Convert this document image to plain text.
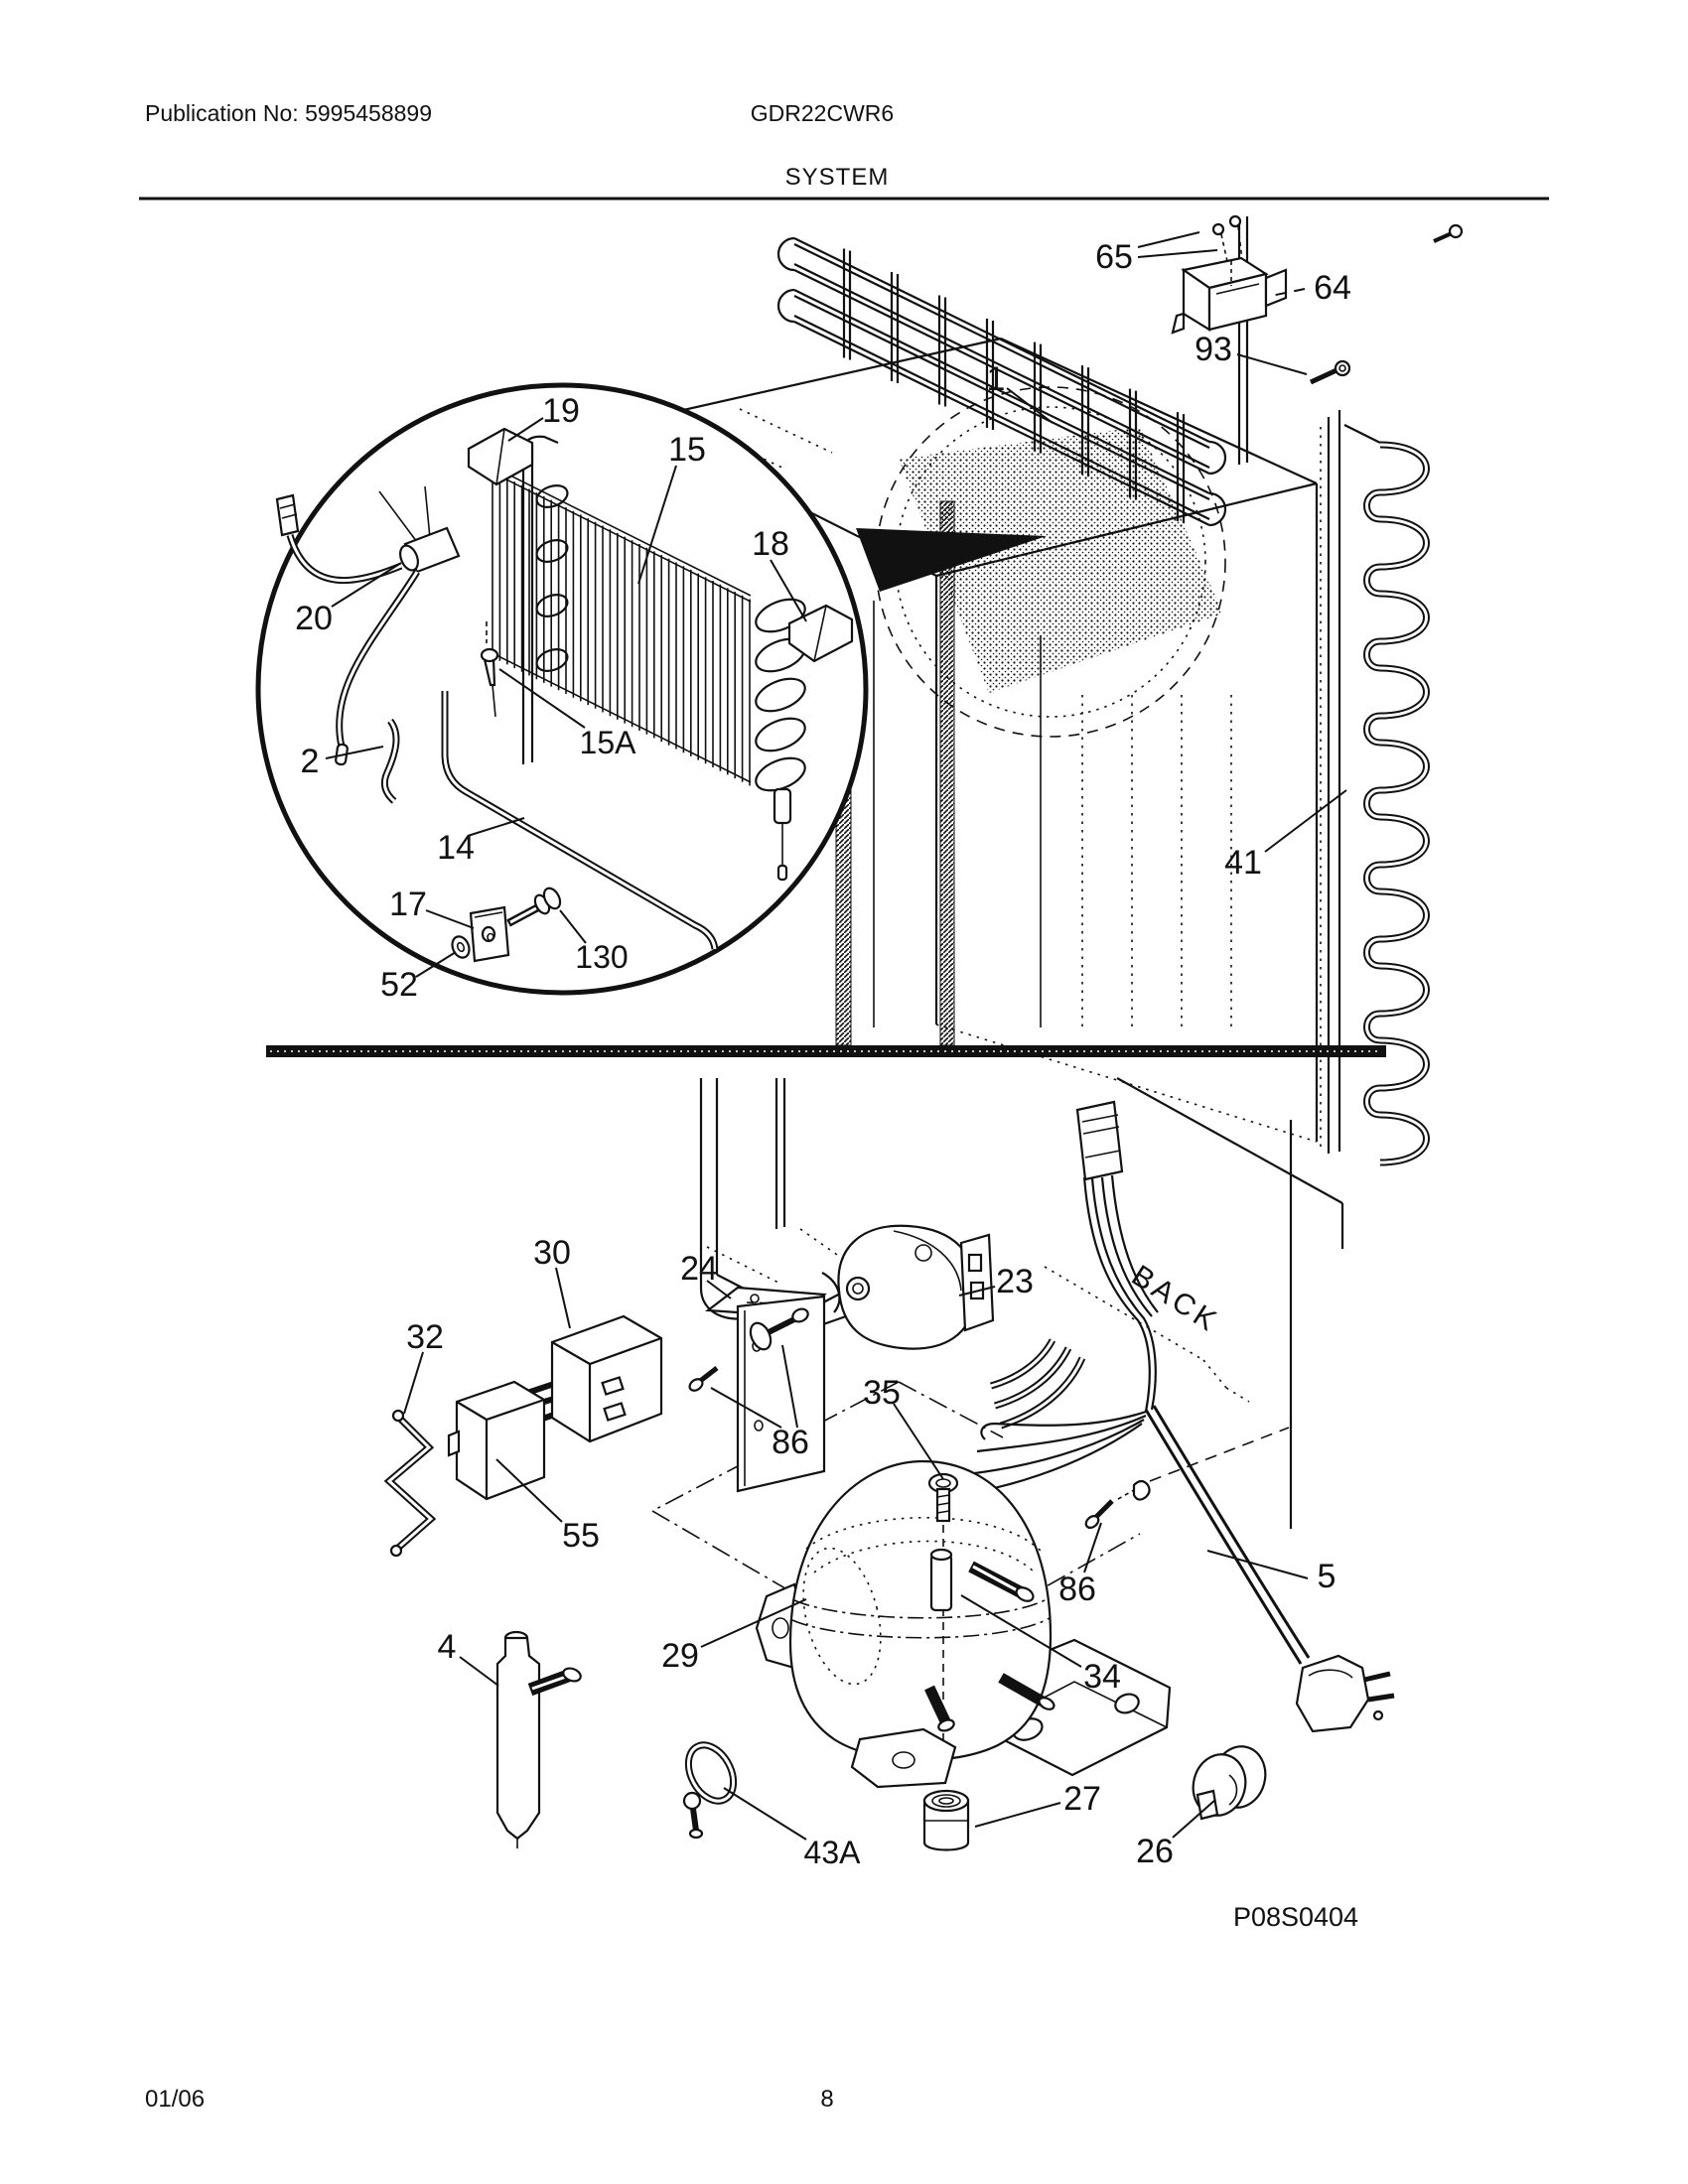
Publication No: 5995458899	GDR22CWR6
SYSTEM
BACK
P08S0404
65
64
93
1
19
15
18
20
2	15A
14
17
130
52
41
30	24	23
32
86
35
55
86	5
4	29
34
27
43A	26
01/06	8
